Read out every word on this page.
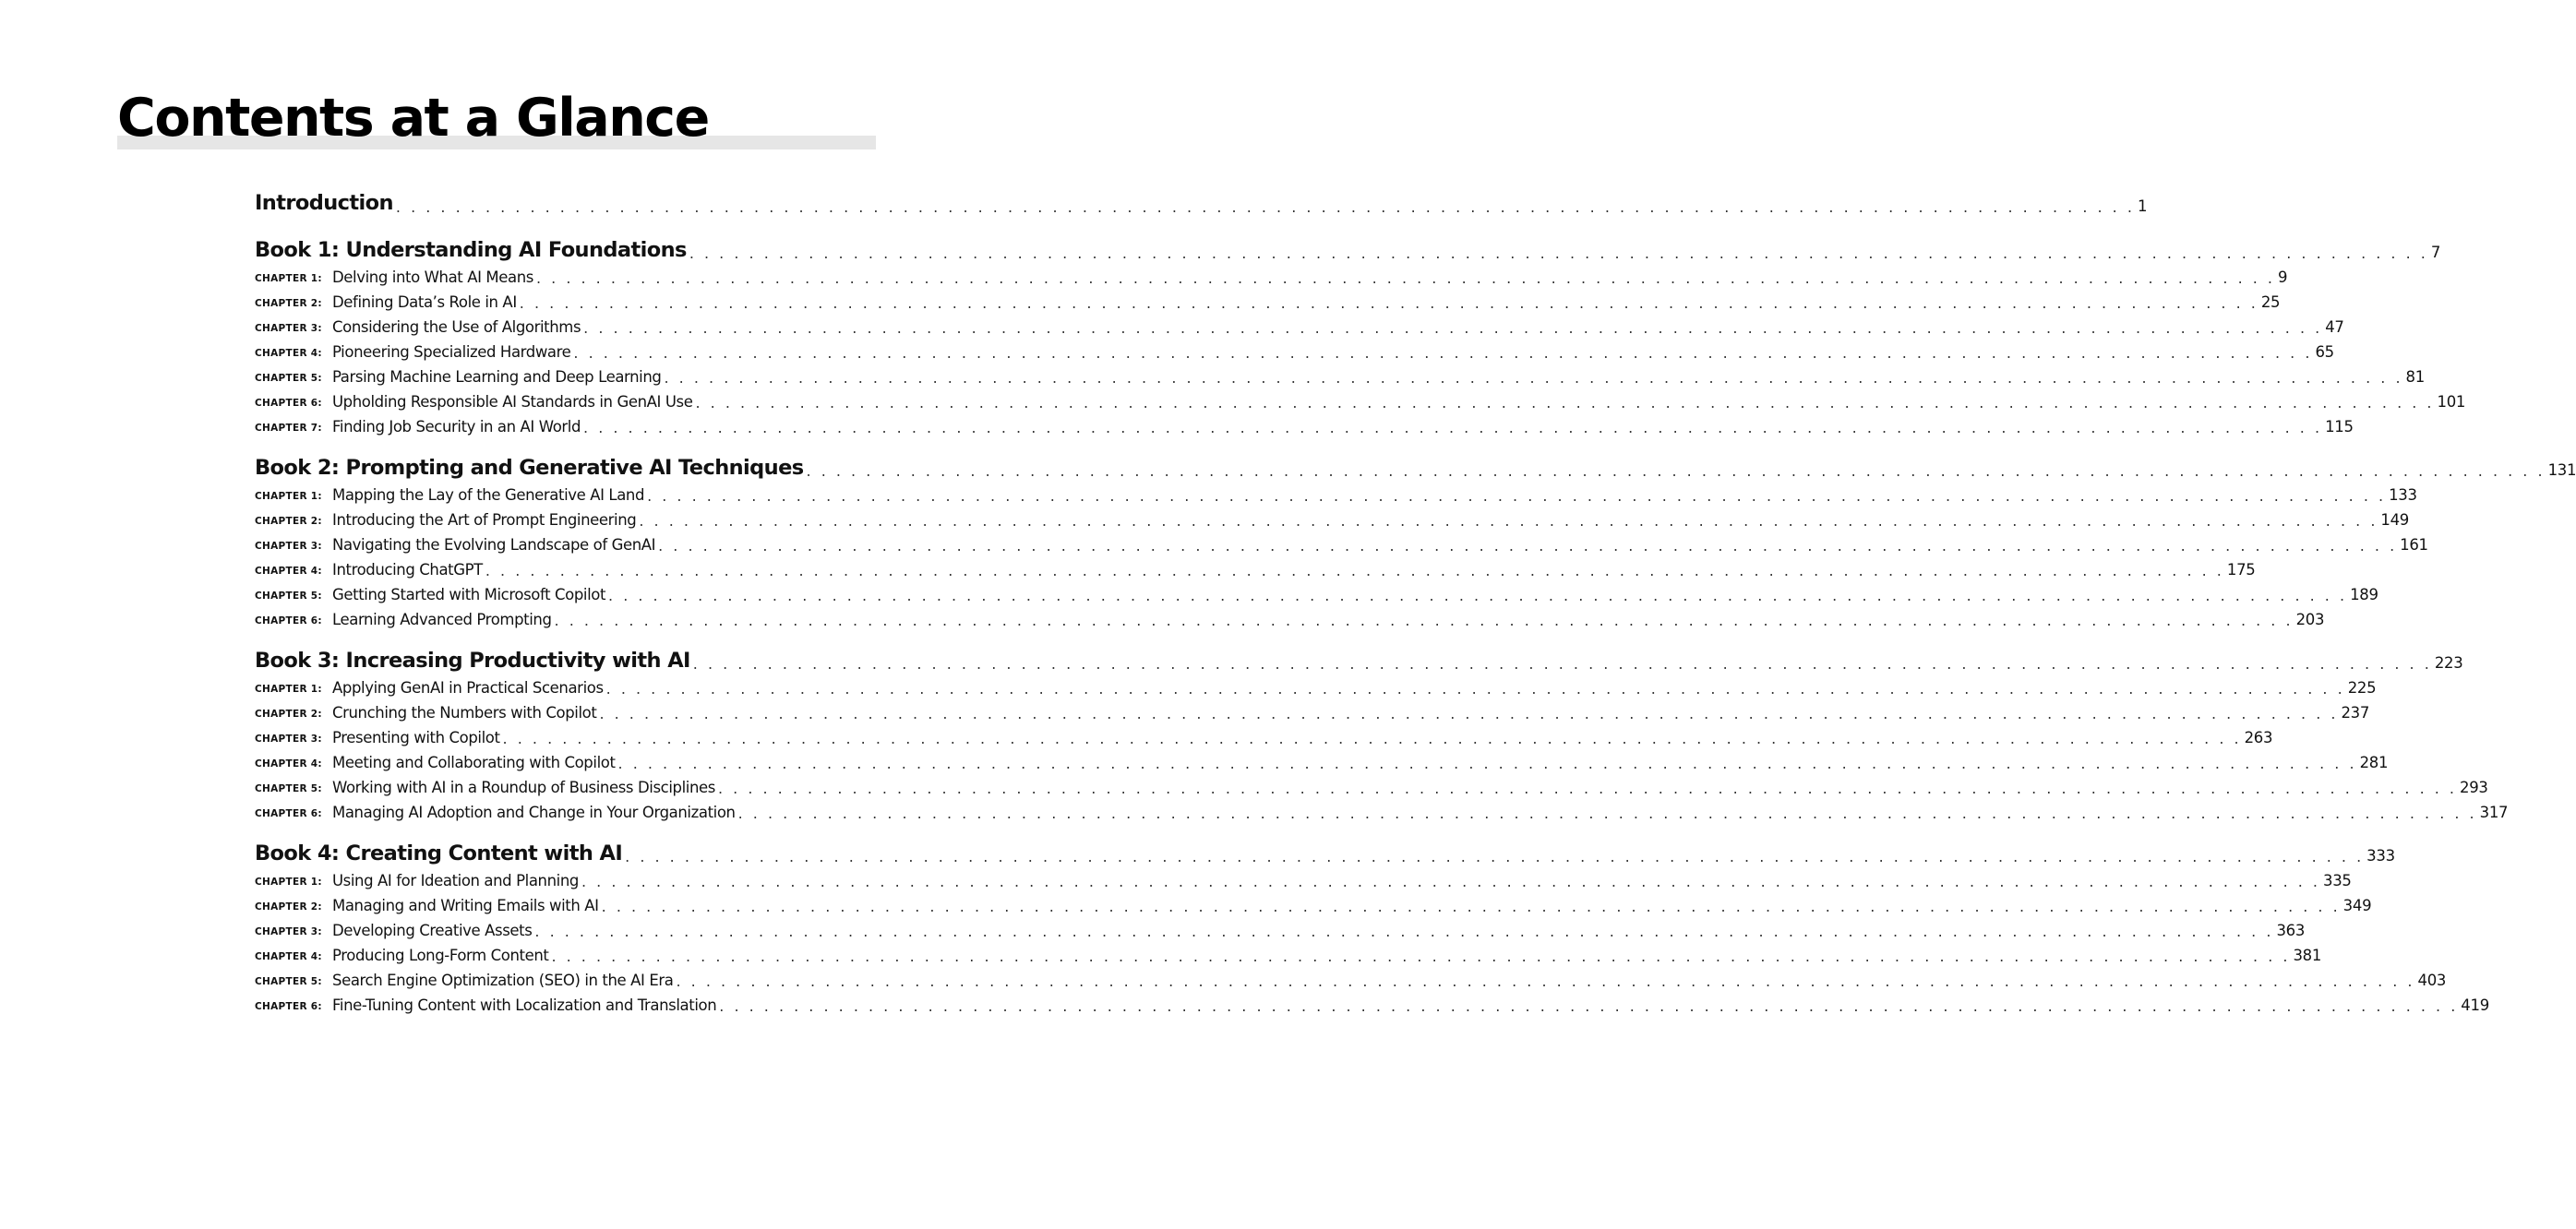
Contents at a Glance
Introduction . . . . . . . . . . . . . . . . . . . . . . . . . . . . . . . . . . . . . . . . . . . . . . . . . . . . . . . . . . . . . . . . . . . . . . . . . . . . . . . . . . . . . . . . . . . . . . . . . . . . . . . . . . . . . . . . . . . . . 1
Book 1: Understanding AI Foundations . . . . . . . . . . . . . . . . . . . . . . . . . . . . . . . . . . . . . . . . . . . . . . . . . . . . . . . . . . . . . . . . . . . . . . . . . . . . . . . . . . . . . . . . . . . . . . . . . . . . . . . . . . . . . . . . . . . . . 7
CHAPTER 1: Delving into What AI Means . . . . . . . . . . . . . . . . . . . . . . . . . . . . . . . . . . . . . . . . . . . . . . . . . . . . . . . . . . . . . . . . . . . . . . . . . . . . . . . . . . . . . . . . . . . . . . . . . . . . . . . . . . . . . . . . . . . . . 9
CHAPTER 2: Defining Data’s Role in AI . . . . . . . . . . . . . . . . . . . . . . . . . . . . . . . . . . . . . . . . . . . . . . . . . . . . . . . . . . . . . . . . . . . . . . . . . . . . . . . . . . . . . . . . . . . . . . . . . . . . . . . . . . . . . . . . . . . . . 25
CHAPTER 3: Considering the Use of Algorithms . . . . . . . . . . . . . . . . . . . . . . . . . . . . . . . . . . . . . . . . . . . . . . . . . . . . . . . . . . . . . . . . . . . . . . . . . . . . . . . . . . . . . . . . . . . . . . . . . . . . . . . . . . . . . . . . . . . . . 47
CHAPTER 4: Pioneering Specialized Hardware . . . . . . . . . . . . . . . . . . . . . . . . . . . . . . . . . . . . . . . . . . . . . . . . . . . . . . . . . . . . . . . . . . . . . . . . . . . . . . . . . . . . . . . . . . . . . . . . . . . . . . . . . . . . . . . . . . . . . 65
CHAPTER 5: Parsing Machine Learning and Deep Learning . . . . . . . . . . . . . . . . . . . . . . . . . . . . . . . . . . . . . . . . . . . . . . . . . . . . . . . . . . . . . . . . . . . . . . . . . . . . . . . . . . . . . . . . . . . . . . . . . . . . . . . . . . . . . . . . . . . . . 81
CHAPTER 6: Upholding Responsible AI Standards in GenAI Use . . . . . . . . . . . . . . . . . . . . . . . . . . . . . . . . . . . . . . . . . . . . . . . . . . . . . . . . . . . . . . . . . . . . . . . . . . . . . . . . . . . . . . . . . . . . . . . . . . . . . . . . . . . . . . . . . . . . . 101
CHAPTER 7: Finding Job Security in an AI World . . . . . . . . . . . . . . . . . . . . . . . . . . . . . . . . . . . . . . . . . . . . . . . . . . . . . . . . . . . . . . . . . . . . . . . . . . . . . . . . . . . . . . . . . . . . . . . . . . . . . . . . . . . . . . . . . . . . . 115
Book 2: Prompting and Generative AI Techniques . . . . . . . . . . . . . . . . . . . . . . . . . . . . . . . . . . . . . . . . . . . . . . . . . . . . . . . . . . . . . . . . . . . . . . . . . . . . . . . . . . . . . . . . . . . . . . . . . . . . . . . . . . . . . . . . . . . . . 131
CHAPTER 1: Mapping the Lay of the Generative AI Land . . . . . . . . . . . . . . . . . . . . . . . . . . . . . . . . . . . . . . . . . . . . . . . . . . . . . . . . . . . . . . . . . . . . . . . . . . . . . . . . . . . . . . . . . . . . . . . . . . . . . . . . . . . . . . . . . . . . . 133
CHAPTER 2: Introducing the Art of Prompt Engineering . . . . . . . . . . . . . . . . . . . . . . . . . . . . . . . . . . . . . . . . . . . . . . . . . . . . . . . . . . . . . . . . . . . . . . . . . . . . . . . . . . . . . . . . . . . . . . . . . . . . . . . . . . . . . . . . . . . . . 149
CHAPTER 3: Navigating the Evolving Landscape of GenAI . . . . . . . . . . . . . . . . . . . . . . . . . . . . . . . . . . . . . . . . . . . . . . . . . . . . . . . . . . . . . . . . . . . . . . . . . . . . . . . . . . . . . . . . . . . . . . . . . . . . . . . . . . . . . . . . . . . . . 161
CHAPTER 4: Introducing ChatGPT . . . . . . . . . . . . . . . . . . . . . . . . . . . . . . . . . . . . . . . . . . . . . . . . . . . . . . . . . . . . . . . . . . . . . . . . . . . . . . . . . . . . . . . . . . . . . . . . . . . . . . . . . . . . . . . . . . . . . 175
CHAPTER 5: Getting Started with Microsoft Copilot . . . . . . . . . . . . . . . . . . . . . . . . . . . . . . . . . . . . . . . . . . . . . . . . . . . . . . . . . . . . . . . . . . . . . . . . . . . . . . . . . . . . . . . . . . . . . . . . . . . . . . . . . . . . . . . . . . . . . 189
CHAPTER 6: Learning Advanced Prompting . . . . . . . . . . . . . . . . . . . . . . . . . . . . . . . . . . . . . . . . . . . . . . . . . . . . . . . . . . . . . . . . . . . . . . . . . . . . . . . . . . . . . . . . . . . . . . . . . . . . . . . . . . . . . . . . . . . . . 203
Book 3: Increasing Productivity with AI . . . . . . . . . . . . . . . . . . . . . . . . . . . . . . . . . . . . . . . . . . . . . . . . . . . . . . . . . . . . . . . . . . . . . . . . . . . . . . . . . . . . . . . . . . . . . . . . . . . . . . . . . . . . . . . . . . . . . 223
CHAPTER 1: Applying GenAI in Practical Scenarios . . . . . . . . . . . . . . . . . . . . . . . . . . . . . . . . . . . . . . . . . . . . . . . . . . . . . . . . . . . . . . . . . . . . . . . . . . . . . . . . . . . . . . . . . . . . . . . . . . . . . . . . . . . . . . . . . . . . . 225
CHAPTER 2: Crunching the Numbers with Copilot . . . . . . . . . . . . . . . . . . . . . . . . . . . . . . . . . . . . . . . . . . . . . . . . . . . . . . . . . . . . . . . . . . . . . . . . . . . . . . . . . . . . . . . . . . . . . . . . . . . . . . . . . . . . . . . . . . . . . 237
CHAPTER 3: Presenting with Copilot . . . . . . . . . . . . . . . . . . . . . . . . . . . . . . . . . . . . . . . . . . . . . . . . . . . . . . . . . . . . . . . . . . . . . . . . . . . . . . . . . . . . . . . . . . . . . . . . . . . . . . . . . . . . . . . . . . . . . 263
CHAPTER 4: Meeting and Collaborating with Copilot . . . . . . . . . . . . . . . . . . . . . . . . . . . . . . . . . . . . . . . . . . . . . . . . . . . . . . . . . . . . . . . . . . . . . . . . . . . . . . . . . . . . . . . . . . . . . . . . . . . . . . . . . . . . . . . . . . . . . 281
CHAPTER 5: Working with AI in a Roundup of Business Disciplines . . . . . . . . . . . . . . . . . . . . . . . . . . . . . . . . . . . . . . . . . . . . . . . . . . . . . . . . . . . . . . . . . . . . . . . . . . . . . . . . . . . . . . . . . . . . . . . . . . . . . . . . . . . . . . . . . . . . . 293
CHAPTER 6: Managing AI Adoption and Change in Your Organization . . . . . . . . . . . . . . . . . . . . . . . . . . . . . . . . . . . . . . . . . . . . . . . . . . . . . . . . . . . . . . . . . . . . . . . . . . . . . . . . . . . . . . . . . . . . . . . . . . . . . . . . . . . . . . . . . . . . . 317
Book 4: Creating Content with AI . . . . . . . . . . . . . . . . . . . . . . . . . . . . . . . . . . . . . . . . . . . . . . . . . . . . . . . . . . . . . . . . . . . . . . . . . . . . . . . . . . . . . . . . . . . . . . . . . . . . . . . . . . . . . . . . . . . . . 333
CHAPTER 1: Using AI for Ideation and Planning . . . . . . . . . . . . . . . . . . . . . . . . . . . . . . . . . . . . . . . . . . . . . . . . . . . . . . . . . . . . . . . . . . . . . . . . . . . . . . . . . . . . . . . . . . . . . . . . . . . . . . . . . . . . . . . . . . . . . 335
CHAPTER 2: Managing and Writing Emails with AI . . . . . . . . . . . . . . . . . . . . . . . . . . . . . . . . . . . . . . . . . . . . . . . . . . . . . . . . . . . . . . . . . . . . . . . . . . . . . . . . . . . . . . . . . . . . . . . . . . . . . . . . . . . . . . . . . . . . . 349
CHAPTER 3: Developing Creative Assets . . . . . . . . . . . . . . . . . . . . . . . . . . . . . . . . . . . . . . . . . . . . . . . . . . . . . . . . . . . . . . . . . . . . . . . . . . . . . . . . . . . . . . . . . . . . . . . . . . . . . . . . . . . . . . . . . . . . . 363
CHAPTER 4: Producing Long-Form Content . . . . . . . . . . . . . . . . . . . . . . . . . . . . . . . . . . . . . . . . . . . . . . . . . . . . . . . . . . . . . . . . . . . . . . . . . . . . . . . . . . . . . . . . . . . . . . . . . . . . . . . . . . . . . . . . . . . . . 381
CHAPTER 5: Search Engine Optimization (SEO) in the AI Era . . . . . . . . . . . . . . . . . . . . . . . . . . . . . . . . . . . . . . . . . . . . . . . . . . . . . . . . . . . . . . . . . . . . . . . . . . . . . . . . . . . . . . . . . . . . . . . . . . . . . . . . . . . . . . . . . . . . . 403
CHAPTER 6: Fine-Tuning Content with Localization and Translation . . . . . . . . . . . . . . . . . . . . . . . . . . . . . . . . . . . . . . . . . . . . . . . . . . . . . . . . . . . . . . . . . . . . . . . . . . . . . . . . . . . . . . . . . . . . . . . . . . . . . . . . . . . . . . . . . . . . . 419
